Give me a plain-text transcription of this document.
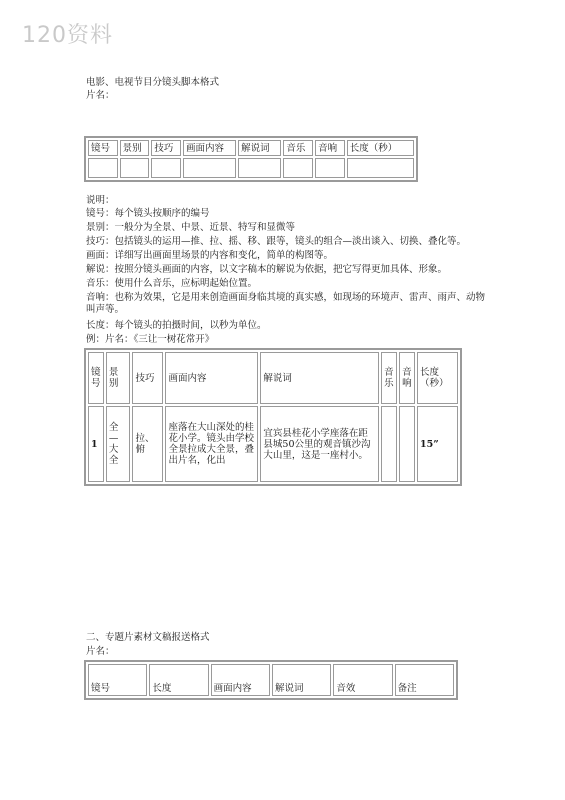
120资料
电影、电视节目分镜头脚本格式
片名：
镜号	景别	技巧	画面内容	解说词	音乐	音响	长度（秒）

说明：
镜号：每个镜头按顺序的编号
景别：一般分为全景、中景、近景、特写和显微等
技巧：包括镜头的运用—推、拉、摇、移、跟等，镜头的组合—淡出谈入、切换、叠化等。
画面：详细写出画面里场景的内容和变化，简单的构图等。
解说：按照分镜头画面的内容，以文字稿本的解说为依据，把它写得更加具体、形象。
音乐：使用什么音乐，应标明起始位置。
音响：也称为效果，它是用来创造画面身临其境的真实感，如现场的环境声、雷声、雨声、动物叫声等。
长度：每个镜头的拍摄时间，以秒为单位。
例：片名：《三让一树花常开》
镜号	景别	技巧	画面内容	解说词	音乐	音响	长度（秒）
1	全—大全	拉、俯	座落在大山深处的桂花小学。镜头由学校全景拉成大全景，叠出片名，化出	宜宾县桂花小学座落在距县城50公里的观音镇沙沟大山里，这是一座村小。			15”
二、专题片素材文稿报送格式
片名：
镜号	长度	画面内容	解说词	音效	备注
